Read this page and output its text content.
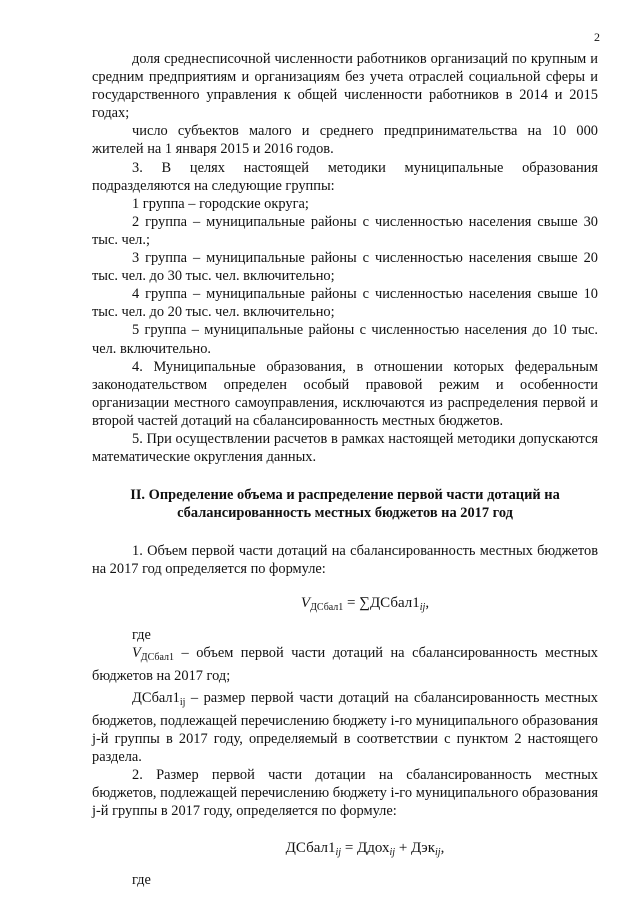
2

доля среднесписочной численности работников организаций по крупным и средним предприятиям и организациям без учета отраслей социальной сферы и государственного управления к общей численности работников в 2014 и 2015 годах;

число субъектов малого и среднего предпринимательства на 10 000 жителей на 1 января 2015 и 2016 годов.

3. В целях настоящей методики муниципальные образования подразделяются на следующие группы:

1 группа – городские округа;

2 группа – муниципальные районы с численностью населения свыше 30 тыс. чел.;

3 группа – муниципальные районы с численностью населения свыше 20 тыс. чел. до 30 тыс. чел. включительно;

4 группа – муниципальные районы с численностью населения свыше 10 тыс. чел. до 20 тыс. чел. включительно;

5 группа – муниципальные районы с численностью населения до 10 тыс. чел. включительно.

4. Муниципальные образования, в отношении которых федеральным законодательством определен особый правовой режим и особенности организации местного самоуправления, исключаются из распределения первой и второй частей дотаций на сбалансированность местных бюджетов.

5. При осуществлении расчетов в рамках настоящей методики допускаются математические округления данных.

II. Определение объема и распределение первой части дотаций на сбалансированность местных бюджетов на 2017 год

1. Объем первой части дотаций на сбалансированность местных бюджетов на 2017 год определяется по формуле:

$V_{ДСбал1}$ = $\sum ДСбал1_{ij}$,

где

$V_{ДСбал1}$ – объем первой части дотаций на сбалансированность местных бюджетов на 2017 год;

$ДСбал1_{ij}$ – размер первой части дотаций на сбалансированность местных бюджетов, подлежащей перечислению бюджету i-го муниципального образования j-й группы в 2017 году, определяемый в соответствии с пунктом 2 настоящего раздела.

2. Размер первой части дотации на сбалансированность местных бюджетов, подлежащей перечислению бюджету i-го муниципального образования j-й группы в 2017 году, определяется по формуле:

$ДСбал1_{ij}$ = Ддох$_{ij}$ + Дэк$_{ij}$,

где
